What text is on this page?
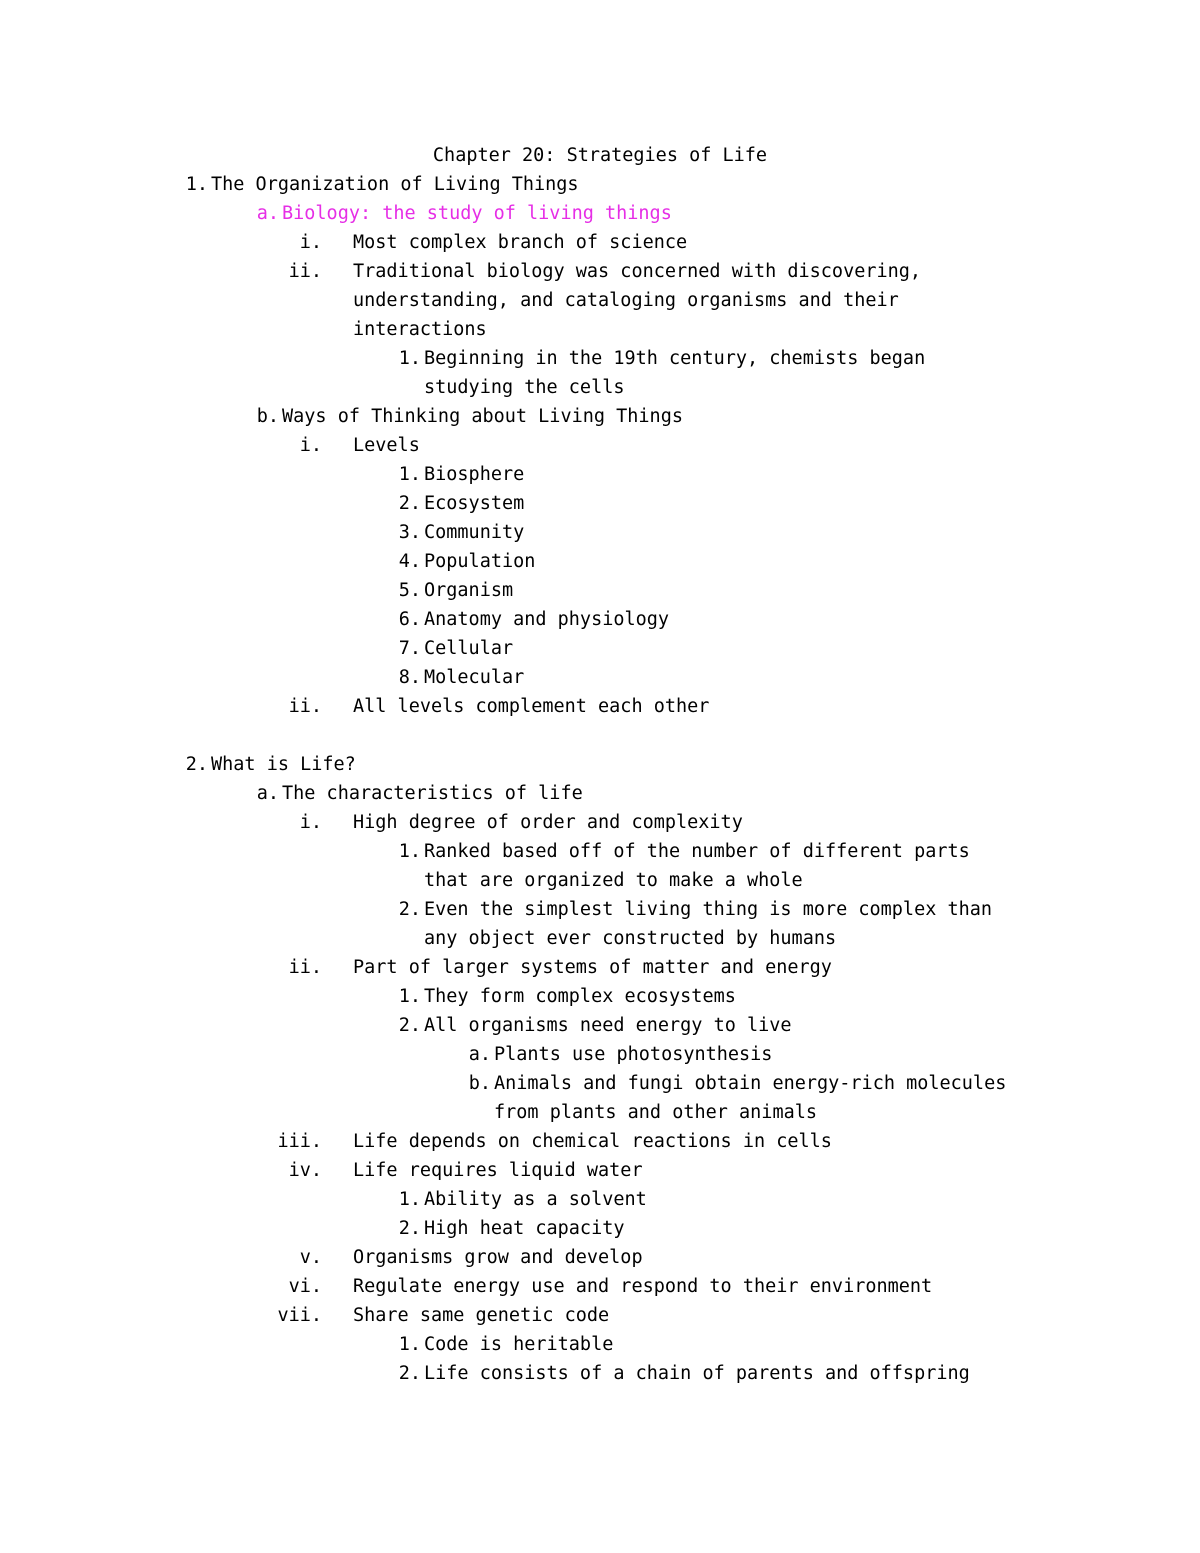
Chapter 20: Strategies of Life
1. The Organization of Living Things
a. Biology: the study of living things
i. Most complex branch of science
ii. Traditional biology was concerned with discovering,
understanding, and cataloging organisms and their
interactions
1. Beginning in the 19th century, chemists began
studying the cells
b. Ways of Thinking about Living Things
i. Levels
1. Biosphere
2. Ecosystem
3. Community
4. Population
5. Organism
6. Anatomy and physiology
7. Cellular
8. Molecular
ii. All levels complement each other
2. What is Life?
a. The characteristics of life
i. High degree of order and complexity
1. Ranked based off of the number of different parts
that are organized to make a whole
2. Even the simplest living thing is more complex than
any object ever constructed by humans
ii. Part of larger systems of matter and energy
1. They form complex ecosystems
2. All organisms need energy to live
a. Plants use photosynthesis
b. Animals and fungi obtain energy-rich molecules
from plants and other animals
iii. Life depends on chemical reactions in cells
iv. Life requires liquid water
1. Ability as a solvent
2. High heat capacity
v. Organisms grow and develop
vi. Regulate energy use and respond to their environment
vii. Share same genetic code
1. Code is heritable
2. Life consists of a chain of parents and offspring
